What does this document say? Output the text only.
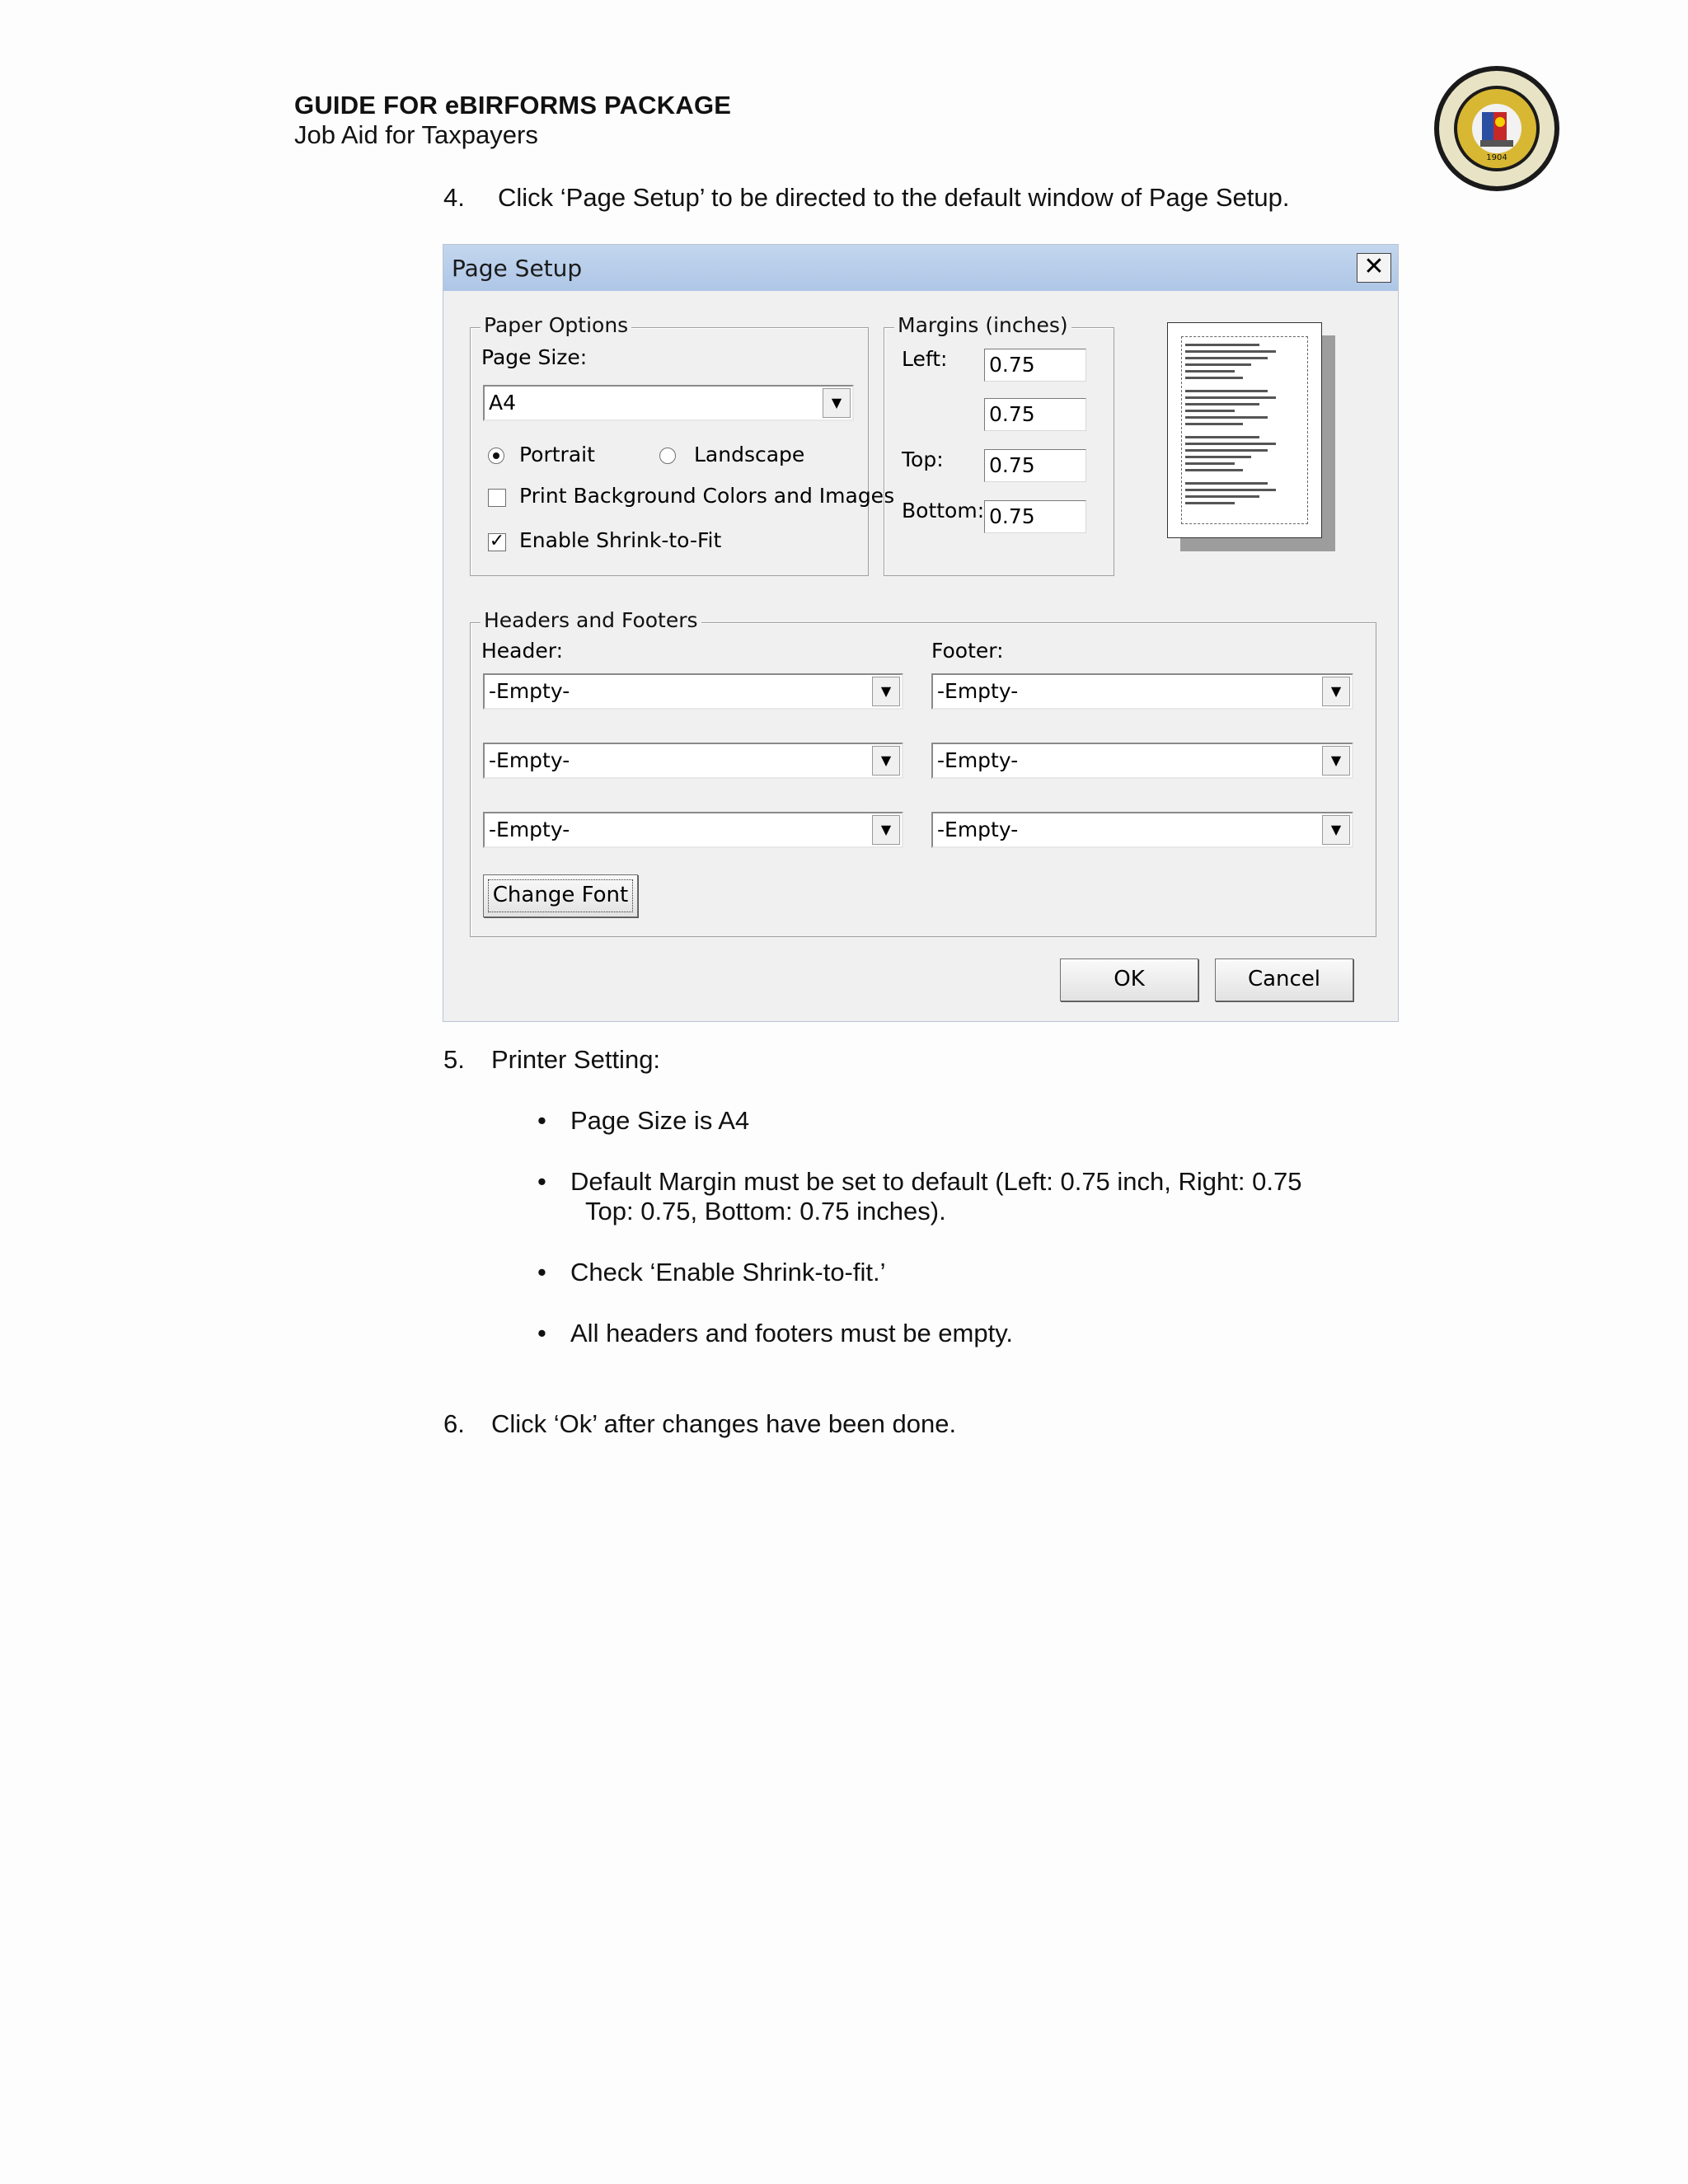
GUIDE FOR eBIRFORMS PACKAGE
Job Aid for Taxpayers
1904
4. Click ‘Page Setup’ to be directed to the default window of Page Setup.
Page Setup	✕
Paper Options
Page Size:
A4	▼
Portrait	Landscape
Print Background Colors and Images
✓ Enable Shrink-to-Fit
Margins (inches)
Left: 0.75
0.75
Top: 0.75
Bottom: 0.75
Headers and Footers
Header:	Footer:
-Empty-	▼
-Empty-	▼
-Empty-	▼
-Empty-	▼
-Empty-	▼
-Empty-	▼
Change Font
OK	Cancel
5. Printer Setting:
• Page Size is A4
• Default Margin must be set to default (Left: 0.75 inch, Right: 0.75
Top: 0.75, Bottom: 0.75 inches).
• Check ‘Enable Shrink-to-fit.’
• All headers and footers must be empty.
6. Click ‘Ok’ after changes have been done.
